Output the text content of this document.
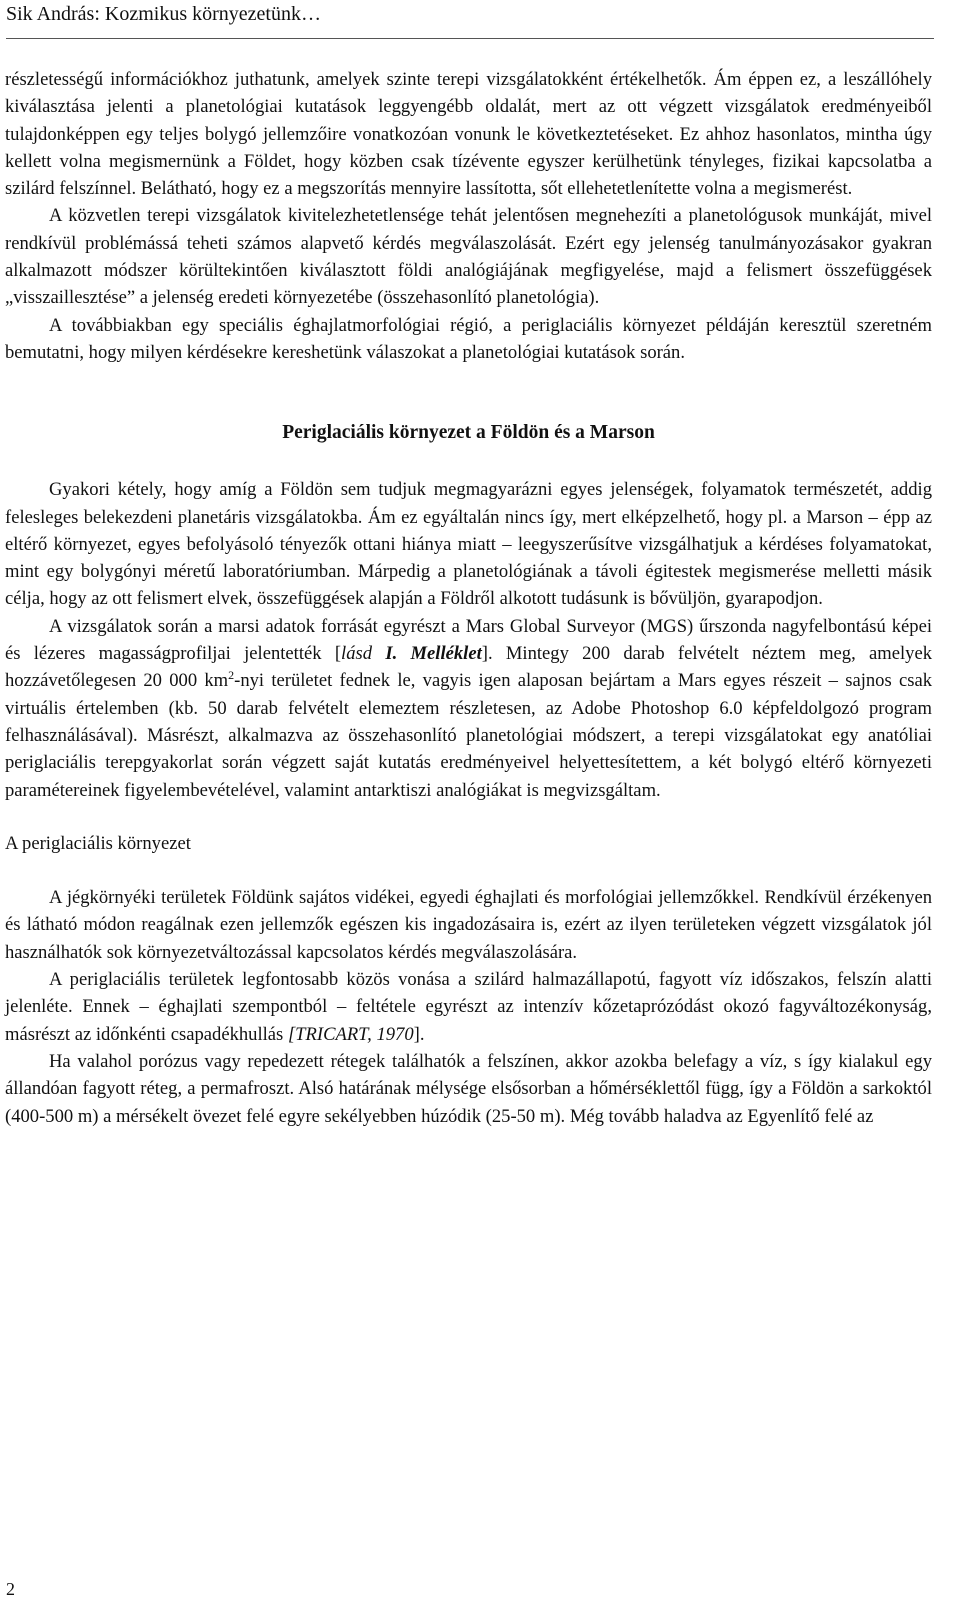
Sik András: Kozmikus környezetünk…

részletességű információkhoz juthatunk, amelyek szinte terepi vizsgálatokként értékelhetők. Ám éppen ez, a leszállóhely kiválasztása jelenti a planetológiai kutatások leggyengébb oldalát, mert az ott végzett vizsgálatok eredményeiből tulajdonképpen egy teljes bolygó jellemzőire vonatkozóan vonunk le következtetéseket. Ez ahhoz hasonlatos, mintha úgy kellett volna megismernünk a Földet, hogy közben csak tízévente egyszer kerülhetünk tényleges, fizikai kapcsolatba a szilárd felszínnel. Belátható, hogy ez a megszorítás mennyire lassította, sőt ellehetetlenítette volna a megismerést.

A közvetlen terepi vizsgálatok kivitelezhetetlensége tehát jelentősen megnehezíti a planetológusok munkáját, mivel rendkívül problémássá teheti számos alapvető kérdés megválaszolását. Ezért egy jelenség tanulmányozásakor gyakran alkalmazott módszer körültekintően kiválasztott földi analógiájának megfigyelése, majd a felismert összefüggések „visszaillesztése” a jelenség eredeti környezetébe (összehasonlító planetológia).

A továbbiakban egy speciális éghajlatmorfológiai régió, a periglaciális környezet példáján keresztül szeretném bemutatni, hogy milyen kérdésekre kereshetünk válaszokat a planetológiai kutatások során.

Periglaciális környezet a Földön és a Marson

Gyakori kétely, hogy amíg a Földön sem tudjuk megmagyarázni egyes jelenségek, folyamatok természetét, addig felesleges belekezdeni planetáris vizsgálatokba. Ám ez egyáltalán nincs így, mert elképzelhető, hogy pl. a Marson – épp az eltérő környezet, egyes befolyásoló tényezők ottani hiánya miatt – leegyszerűsítve vizsgálhatjuk a kérdéses folyamatokat, mint egy bolygónyi méretű laboratóriumban. Márpedig a planetológiának a távoli égitestek megismerése melletti másik célja, hogy az ott felismert elvek, összefüggések alapján a Földről alkotott tudásunk is bővüljön, gyarapodjon.

A vizsgálatok során a marsi adatok forrását egyrészt a Mars Global Surveyor (MGS) űrszonda nagyfelbontású képei és lézeres magasságprofiljai jelentették [lásd I. Melléklet]. Mintegy 200 darab felvételt néztem meg, amelyek hozzávetőlegesen 20 000 $km^2$-nyi területet fednek le, vagyis igen alaposan bejártam a Mars egyes részeit – sajnos csak virtuális értelemben (kb. 50 darab felvételt elemeztem részletesen, az Adobe Photoshop 6.0 képfeldolgozó program felhasználásával). Másrészt, alkalmazva az összehasonlító planetológiai módszert, a terepi vizsgálatokat egy anatóliai periglaciális terepgyakorlat során végzett saját kutatás eredményeivel helyettesítettem, a két bolygó eltérő környezeti paramétereinek figyelembevételével, valamint antarktiszi analógiákat is megvizsgáltam.

A periglaciális környezet

A jégkörnyéki területek Földünk sajátos vidékei, egyedi éghajlati és morfológiai jellemzőkkel. Rendkívül érzékenyen és látható módon reagálnak ezen jellemzők egészen kis ingadozásaira is, ezért az ilyen területeken végzett vizsgálatok jól használhatók sok környezetváltozással kapcsolatos kérdés megválaszolására.

A periglaciális területek legfontosabb közös vonása a szilárd halmazállapotú, fagyott víz időszakos, felszín alatti jelenléte. Ennek – éghajlati szempontból – feltétele egyrészt az intenzív kőzetaprózódást okozó fagyváltozékonyság, másrészt az időnkénti csapadékhullás [TRICART, 1970].

Ha valahol porózus vagy repedezett rétegek találhatók a felszínen, akkor azokba belefagy a víz, s így kialakul egy állandóan fagyott réteg, a permafroszt. Alsó határának mélysége elsősorban a hőmérséklettől függ, így a Földön a sarkoktól (400-500 m) a mérsékelt övezet felé egyre sekélyebben húzódik (25-50 m). Még tovább haladva az Egyenlítő felé az

2
